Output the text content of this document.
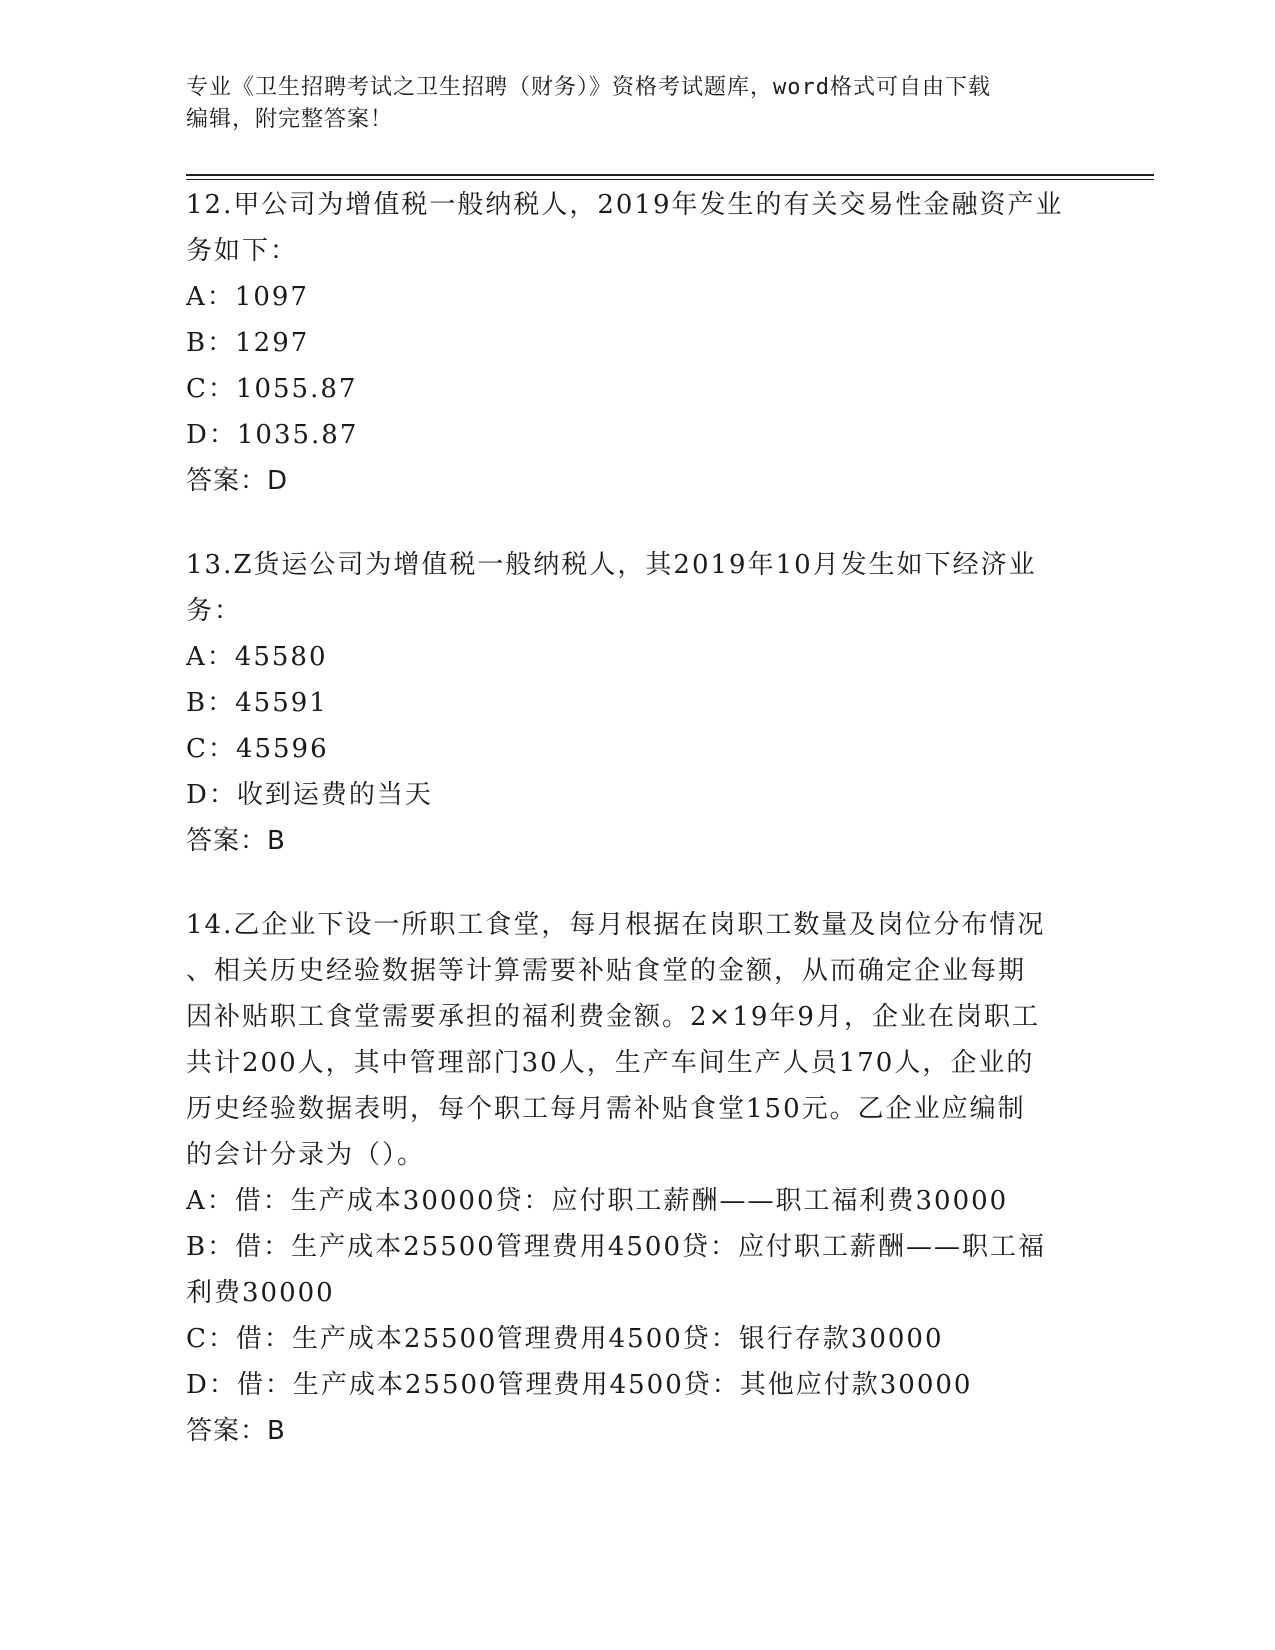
专业《卫生招聘考试之卫生招聘（财务）》资格考试题库，word格式可自由下载
编辑，附完整答案！

12.甲公司为增值税一般纳税人，2019年发生的有关交易性金融资产业

务如下：

A：1097

B：1297

C：1055.87

D：1035.87

答案：D

13.Z货运公司为增值税一般纳税人，其2019年10月发生如下经济业

务：

A：45580

B：45591

C：45596

D：收到运费的当天

答案：B

14.乙企业下设一所职工食堂，每月根据在岗职工数量及岗位分布情况

、相关历史经验数据等计算需要补贴食堂的金额，从而确定企业每期

因补贴职工食堂需要承担的福利费金额。2×19年9月，企业在岗职工

共计200人，其中管理部门30人，生产车间生产人员170人，企业的

历史经验数据表明，每个职工每月需补贴食堂150元。乙企业应编制

的会计分录为（）。

A：借：生产成本30000贷：应付职工薪酬——职工福利费30000

B：借：生产成本25500管理费用4500贷：应付职工薪酬——职工福

利费30000

C：借：生产成本25500管理费用4500贷：银行存款30000

D：借：生产成本25500管理费用4500贷：其他应付款30000

答案：B
